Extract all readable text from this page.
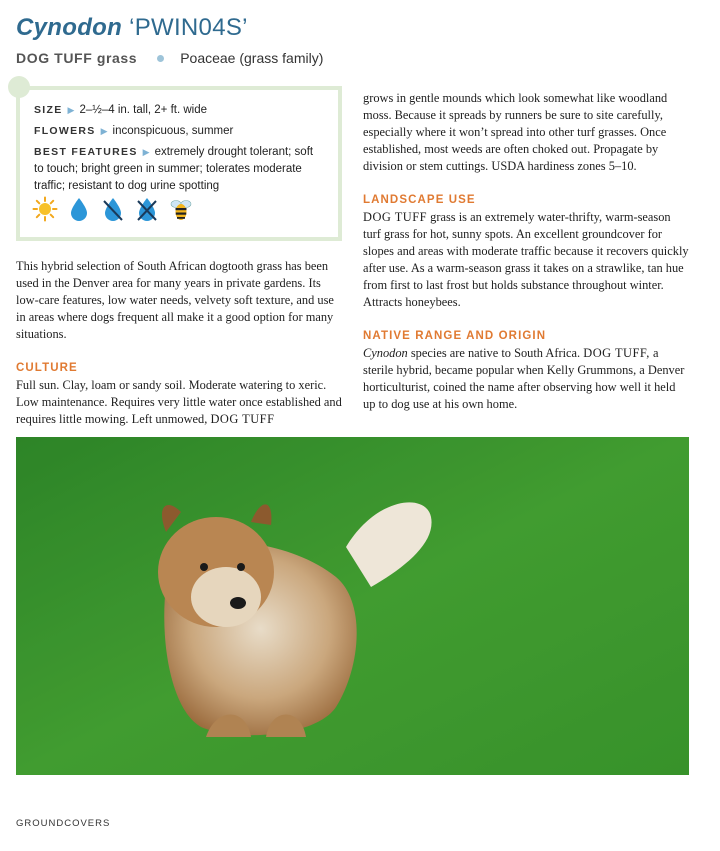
Cynodon ‘PWIN04S’
DOG TUFF grass	Poaceae (grass family)
SIZE ▶ 2–½–4 in. tall, 2+ ft. wide
FLOWERS ▶ inconspicuous, summer
BEST FEATURES ▶ extremely drought tolerant; soft to touch; bright green in summer; tolerates moderate traffic; resistant to dog urine spotting

This hybrid selection of South African dogtooth grass has been used in the Denver area for many years in private gardens. Its low-care features, low water needs, velvety soft texture, and use in areas where dogs frequent all make it a good option for many situations.

CULTURE

Full sun. Clay, loam or sandy soil. Moderate watering to xeric. Low maintenance. Requires very little water once established and requires little mowing. Left unmowed, DOG TUFF

grows in gentle mounds which look somewhat like woodland moss. Because it spreads by runners be sure to site carefully, especially where it won’t spread into other turf grasses. Once established, most weeds are often choked out. Propagate by division or stem cuttings. USDA hardiness zones 5–10.

LANDSCAPE USE

DOG TUFF grass is an extremely water-thrifty, warm-season turf grass for hot, sunny spots. An excellent groundcover for slopes and areas with moderate traffic because it recovers quickly after use. As a warm-season grass it takes on a strawlike, tan hue from first to last frost but holds substance throughout winter. Attracts honeybees.

NATIVE RANGE AND ORIGIN

Cynodon species are native to South Africa. DOG TUFF, a sterile hybrid, became popular when Kelly Grummons, a Denver horticulturist, coined the name after observing how well it held up to dog use at his own home.

GROUNDCOVERS
